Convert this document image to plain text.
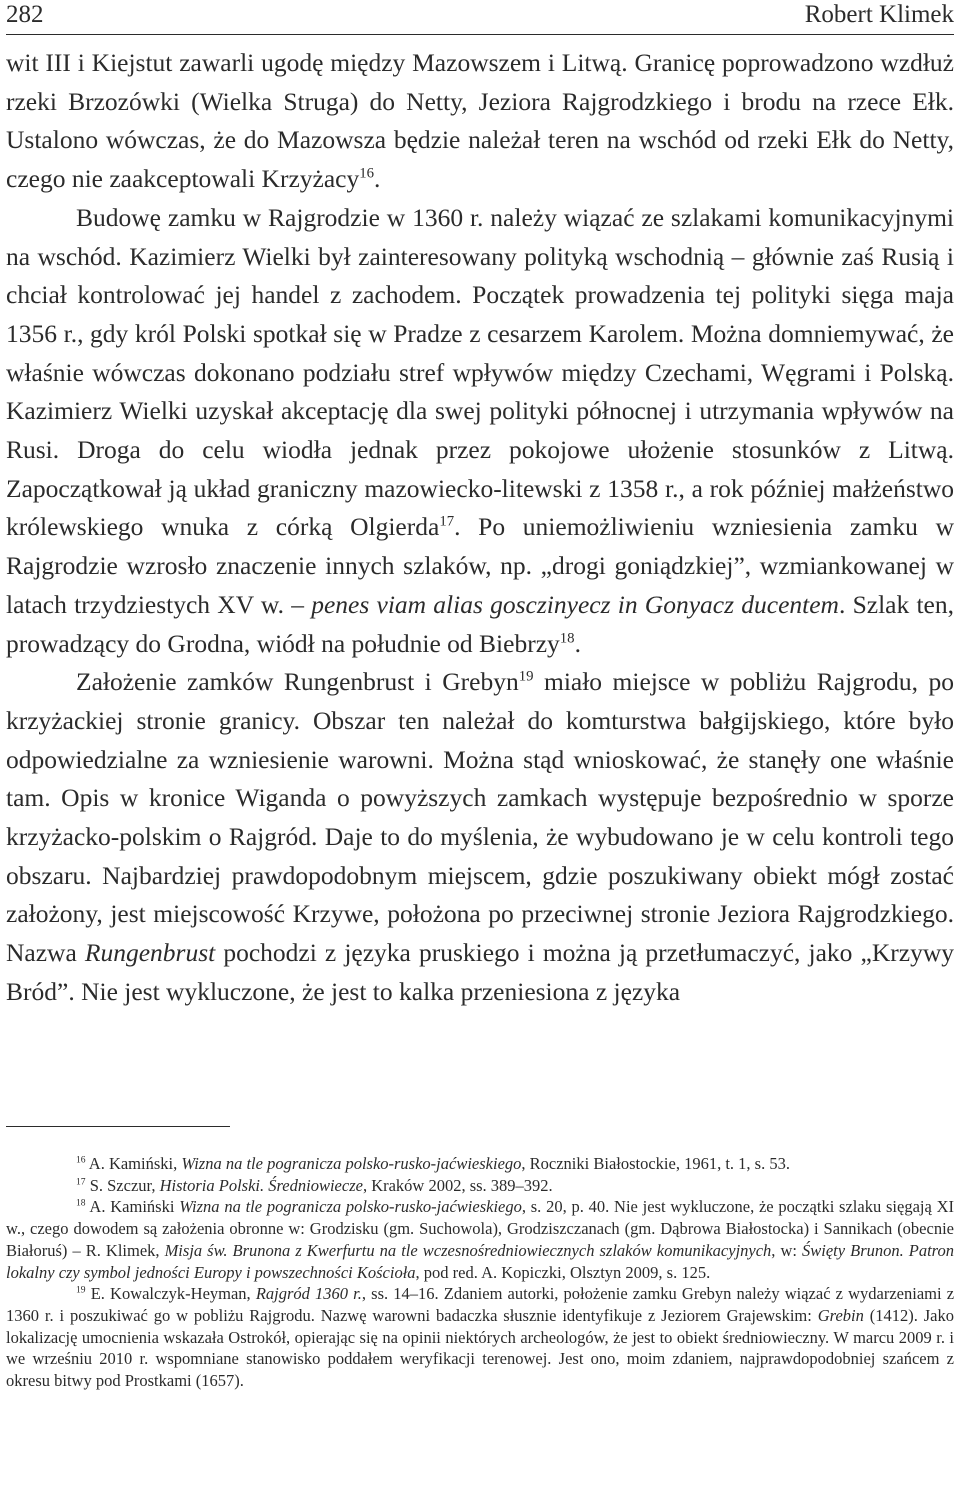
282	Robert Klimek

wit III i Kiejstut zawarli ugodę między Mazowszem i Litwą. Granicę poprowadzono wzdłuż rzeki Brzozówki (Wielka Struga) do Netty, Jeziora Rajgrodzkiego i brodu na rzece Ełk. Ustalono wówczas, że do Mazowsza będzie należał teren na wschód od rzeki Ełk do Netty, czego nie zaakceptowali Krzyżacy$^{16}$.

Budowę zamku w Rajgrodzie w 1360 r. należy wiązać ze szlakami komunikacyjnymi na wschód. Kazimierz Wielki był zainteresowany polityką wschodnią – głównie zaś Rusią i chciał kontrolować jej handel z zachodem. Początek prowadzenia tej polityki sięga maja 1356 r., gdy król Polski spotkał się w Pradze z cesarzem Karolem. Można domniemywać, że właśnie wówczas dokonano podziału stref wpływów między Czechami, Węgrami i Polską. Kazimierz Wielki uzyskał akceptację dla swej polityki północnej i utrzymania wpływów na Rusi. Droga do celu wiodła jednak przez pokojowe ułożenie stosunków z Litwą. Zapoczątkował ją układ graniczny mazowiecko-litewski z 1358 r., a rok później małżeństwo królewskiego wnuka z córką Olgierda$^{17}$. Po uniemożliwieniu wzniesienia zamku w Rajgrodzie wzrosło znaczenie innych szlaków, np. „drogi goniądzkiej”, wzmiankowanej w latach trzydziestych XV w. – penes viam alias gosczinyecz in Gonyacz ducentem. Szlak ten, prowadzący do Grodna, wiódł na południe od Biebrzy$^{18}$.

Założenie zamków Rungenbrust i Grebyn$^{19}$ miało miejsce w pobliżu Rajgrodu, po krzyżackiej stronie granicy. Obszar ten należał do komturstwa bałgijskiego, które było odpowiedzialne za wzniesienie warowni. Można stąd wnioskować, że stanęły one właśnie tam. Opis w kronice Wiganda o powyższych zamkach występuje bezpośrednio w sporze krzyżacko-polskim o Rajgród. Daje to do myślenia, że wybudowano je w celu kontroli tego obszaru. Najbardziej prawdopodobnym miejscem, gdzie poszukiwany obiekt mógł zostać założony, jest miejscowość Krzywe, położona po przeciwnej stronie Jeziora Rajgrodzkiego. Nazwa Rungenbrust pochodzi z języka pruskiego i można ją przetłumaczyć, jako „Krzywy Bród”. Nie jest wykluczone, że jest to kalka przeniesiona z języka

$^{16}$ A. Kamiński, Wizna na tle pogranicza polsko-rusko-jaćwieskiego, Roczniki Białostockie, 1961, t. 1, s. 53.

$^{17}$ S. Szczur, Historia Polski. Średniowiecze, Kraków 2002, ss. 389–392.

$^{18}$ A. Kamiński Wizna na tle pogranicza polsko-rusko-jaćwieskiego, s. 20, p. 40. Nie jest wykluczone, że początki szlaku sięgają XI w., czego dowodem są założenia obronne w: Grodzisku (gm. Suchowola), Grodziszczanach (gm. Dąbrowa Białostocka) i Sannikach (obecnie Białoruś) – R. Klimek, Misja św. Brunona z Kwerfurtu na tle wczesnośredniowiecznych szlaków komunikacyjnych, w: Święty Brunon. Patron lokalny czy symbol jedności Europy i powszechności Kościoła, pod red. A. Kopiczki, Olsztyn 2009, s. 125.

$^{19}$ E. Kowalczyk-Heyman, Rajgród 1360 r., ss. 14–16. Zdaniem autorki, położenie zamku Grebyn należy wiązać z wydarzeniami z 1360 r. i poszukiwać go w pobliżu Rajgrodu. Nazwę warowni badaczka słusznie identyfikuje z Jeziorem Grajewskim: Grebin (1412). Jako lokalizację umocnienia wskazała Ostrokół, opierając się na opinii niektórych archeologów, że jest to obiekt średniowieczny. W marcu 2009 r. i we wrześniu 2010 r. wspomniane stanowisko poddałem weryfikacji terenowej. Jest ono, moim zdaniem, najprawdopodobniej szańcem z okresu bitwy pod Prostkami (1657).
